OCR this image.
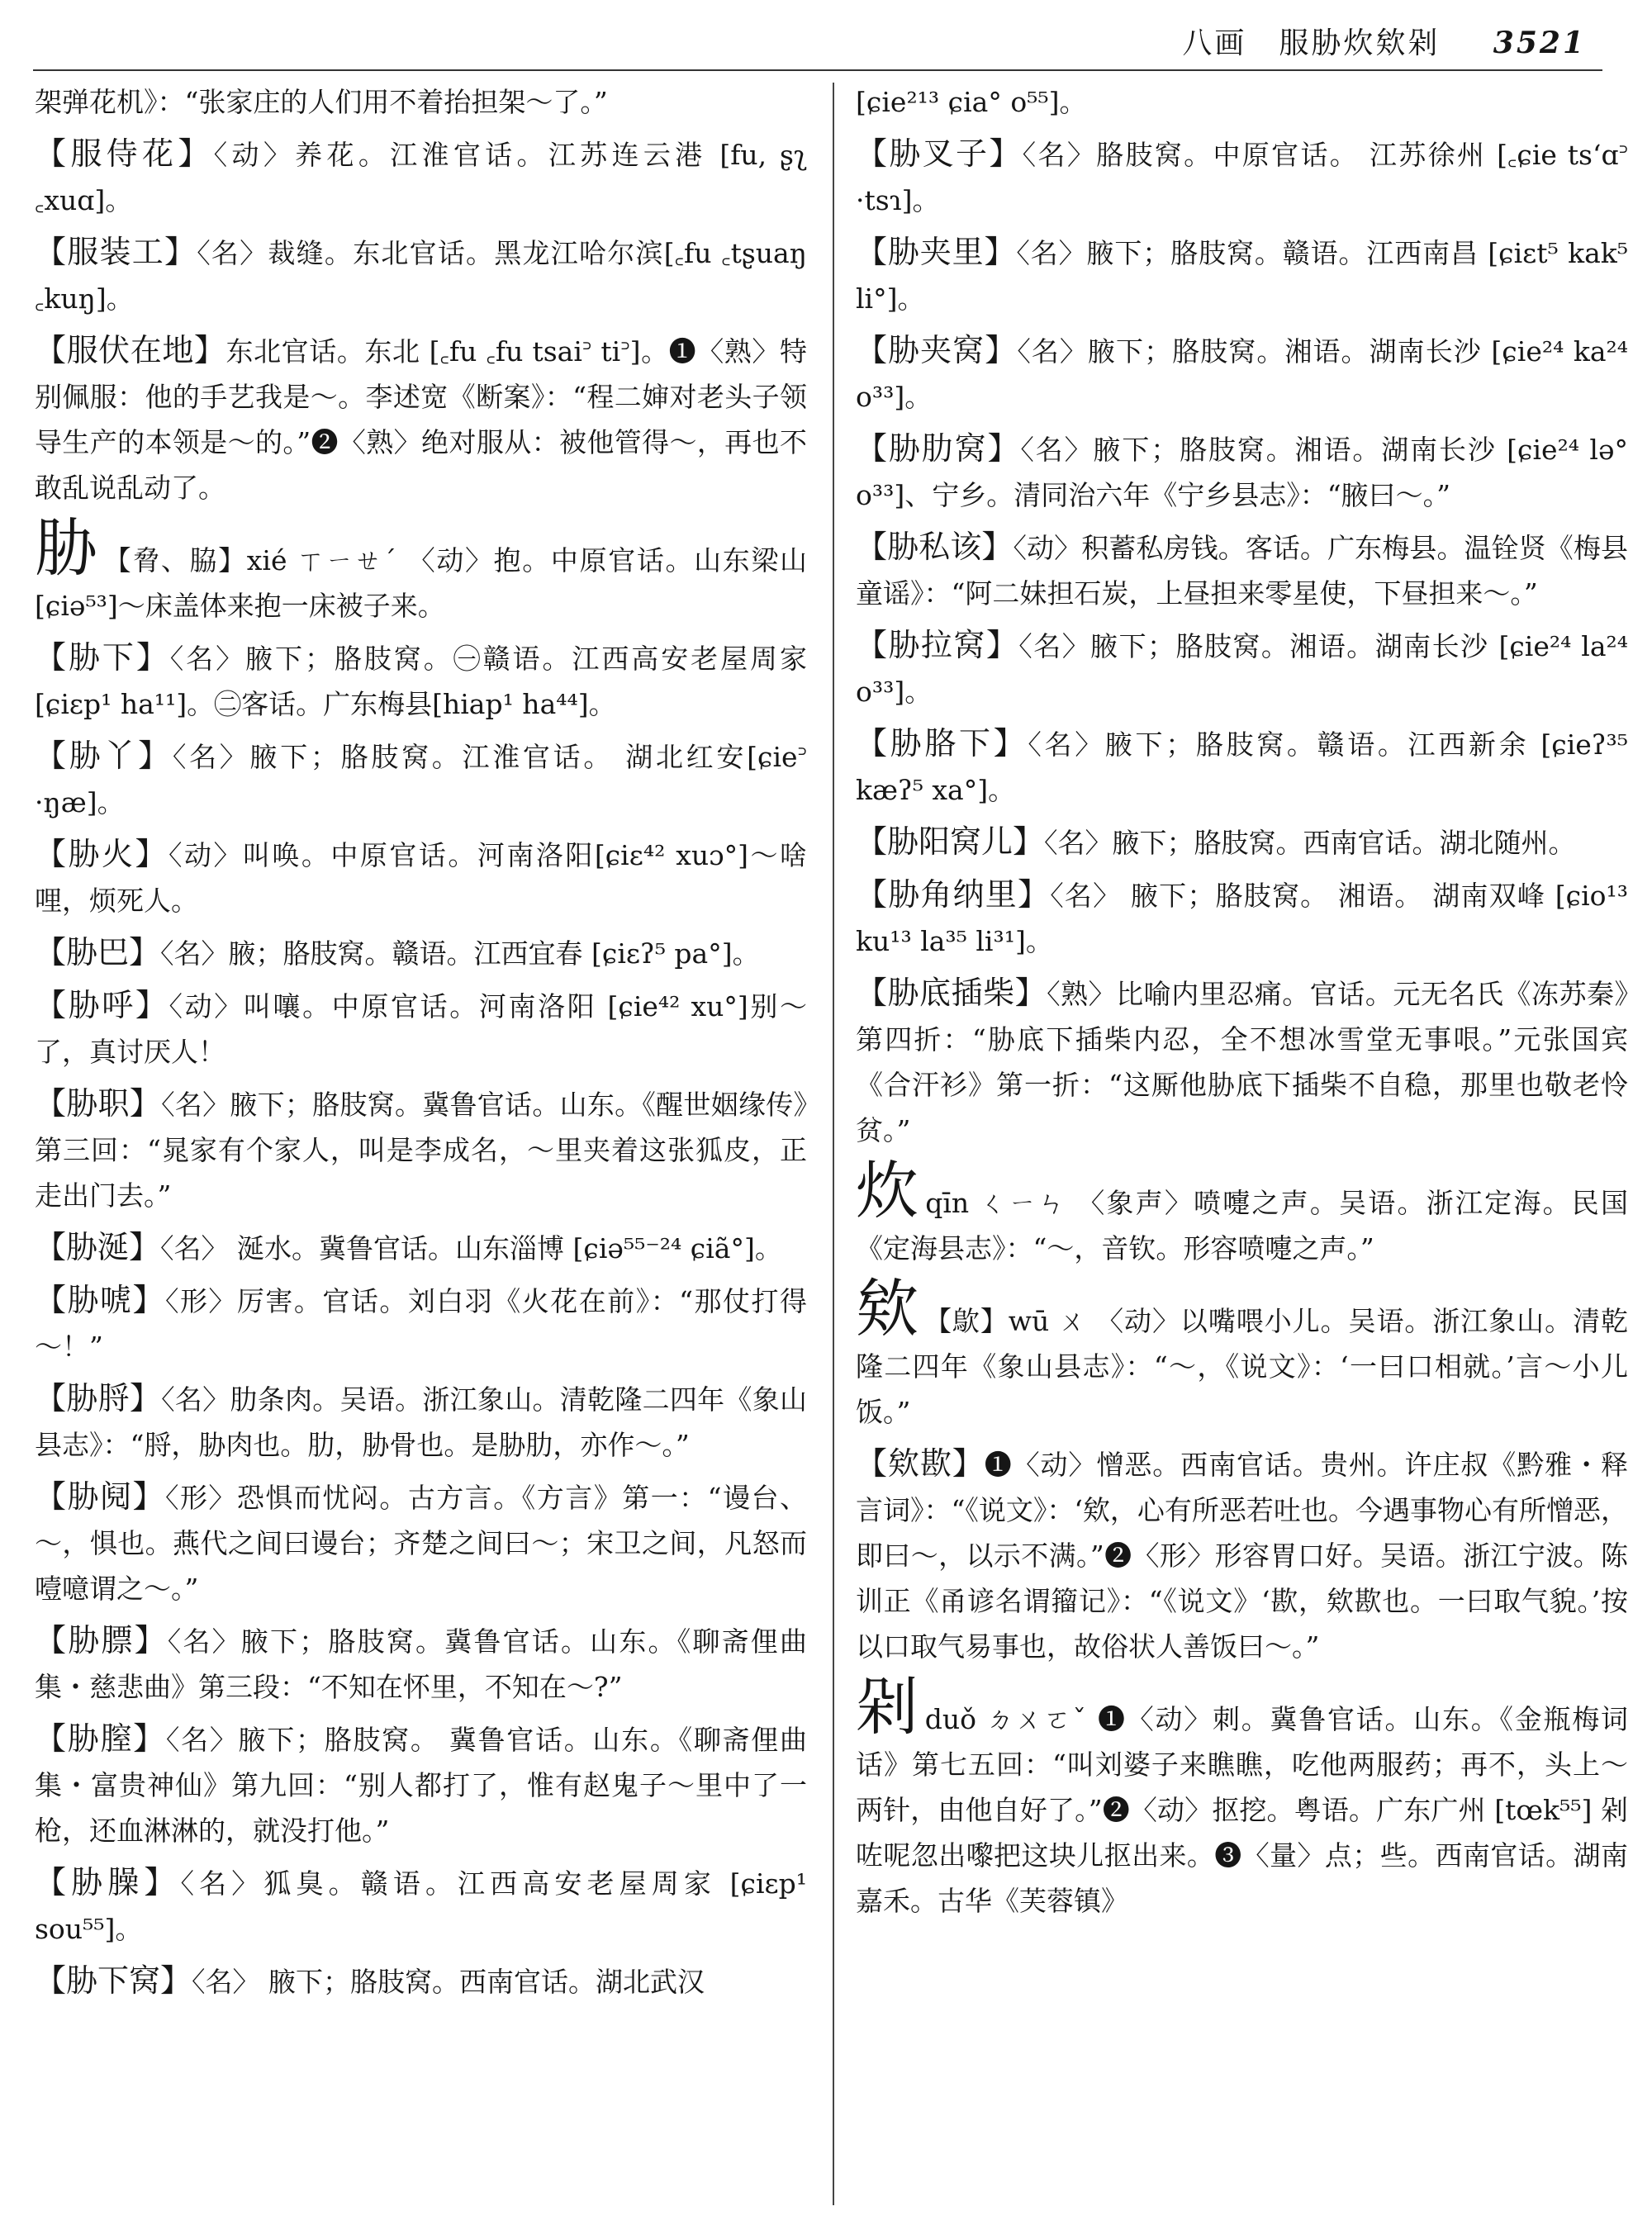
八画　服胁炊欸剁 3521
架弹花机》：“张家庄的人们用不着抬担架～了。”
【服侍花】〈动〉养花。江淮官话。江苏连云港 [fu, ʂʅ ꜀xuɑ]。
【服装工】〈名〉裁缝。东北官话。黑龙江哈尔滨[꜀fu ꜀tʂuaŋ ꜀kuŋ]。
【服伏在地】东北官话。东北 [꜀fu ꜀fu tsai꜄ ti꜄]。❶〈熟〉特别佩服：他的手艺我是～。李述宽《断案》：“程二婶对老头子领导生产的本领是～的。”❷〈熟〉绝对服从：被他管得～，再也不敢乱说乱动了。
胁 【脅、脇】xié ㄒㄧㄝˊ 〈动〉抱。中原官话。山东梁山[ɕiə⁵³]～床盖体来抱一床被子来。
【胁下】〈名〉腋下；胳肢窝。㊀赣语。江西高安老屋周家[ɕiɛp¹ ha¹¹]。㊁客话。广东梅县[hiap¹ ha⁴⁴]。
【胁丫】〈名〉腋下；胳肢窝。江淮官话。 湖北红安[ɕie꜄ ·ŋæ]。
【胁火】〈动〉叫唤。中原官话。河南洛阳[ɕiɛ⁴² xuɔ°]～啥哩，烦死人。
【胁巴】〈名〉腋；胳肢窝。赣语。江西宜春 [ɕiɛʔ⁵ pa°]。
【胁呼】〈动〉叫嚷。中原官话。河南洛阳 [ɕie⁴² xu°]别～了，真讨厌人！
【胁职】〈名〉腋下；胳肢窝。冀鲁官话。山东。《醒世姻缘传》第三回：“晁家有个家人，叫是李成名，～里夹着这张狐皮，正走出门去。”
【胁涎】〈名〉 涎水。冀鲁官话。山东淄博 [ɕiə⁵⁵⁻²⁴ ɕiã°]。
【胁唬】〈形〉厉害。官话。刘白羽《火花在前》：“那仗打得～！”
【胁脟】〈名〉肋条肉。吴语。浙江象山。清乾隆二四年《象山县志》：“脟，胁肉也。肋，胁骨也。是胁肋，亦作～。”
【胁阋】〈形〉恐惧而忧闷。古方言。《方言》第一：“谩台、～，惧也。燕代之间曰谩台；齐楚之间曰～；宋卫之间，凡怒而噎噫谓之～。”
【胁膘】〈名〉腋下；胳肢窝。冀鲁官话。山东。《聊斋俚曲集・慈悲曲》第三段：“不知在怀里，不知在～?”
【胁膣】〈名〉腋下；胳肢窝。 冀鲁官话。山东。《聊斋俚曲集・富贵神仙》第九回：“别人都打了，惟有赵鬼子～里中了一枪，还血淋淋的，就没打他。”
【胁臊】〈名〉狐臭。赣语。江西高安老屋周家 [ɕiɛp¹ sou⁵⁵]。
【胁下窝】〈名〉 腋下；胳肢窝。西南官话。湖北武汉
[ɕie²¹³ ɕia° o⁵⁵]。
【胁叉子】〈名〉胳肢窝。中原官话。 江苏徐州 [꜀ɕie tsʻɑ꜄ ·tsɿ]。
【胁夹里】〈名〉腋下；胳肢窝。赣语。江西南昌 [ɕiɛt⁵ kak⁵ li°]。
【胁夹窝】〈名〉腋下；胳肢窝。湘语。湖南长沙 [ɕie²⁴ ka²⁴ o³³]。
【胁肋窝】〈名〉腋下；胳肢窝。湘语。湖南长沙 [ɕie²⁴ lə° o³³]、宁乡。清同治六年《宁乡县志》：“腋曰～。”
【胁私该】〈动〉积蓄私房钱。客话。广东梅县。温铨贤《梅县童谣》：“阿二妹担石炭，上昼担来零星使，下昼担来～。”
【胁拉窝】〈名〉腋下；胳肢窝。湘语。湖南长沙 [ɕie²⁴ la²⁴ o³³]。
【胁胳下】〈名〉腋下；胳肢窝。赣语。江西新余 [ɕieʔ³⁵ kæʔ⁵ xa°]。
【胁阳窝儿】〈名〉腋下；胳肢窝。西南官话。湖北随州。
【胁角纳里】〈名〉 腋下；胳肢窝。 湘语。 湖南双峰 [ɕio¹³ ku¹³ la³⁵ li³¹]。
【胁底插柴】〈熟〉比喻内里忍痛。官话。元无名氏《冻苏秦》第四折：“胁底下插柴内忍，全不想冰雪堂无事哏。”元张国宾《合汗衫》第一折：“这厮他胁底下插柴不自稳，那里也敬老怜贫。”
炊qīn ㄑㄧㄣ 〈象声〉喷嚏之声。吴语。浙江定海。民国《定海县志》：“～，音钦。形容喷嚏之声。”
欸 【歍】wū ㄨ 〈动〉以嘴喂小儿。吴语。浙江象山。清乾隆二四年《象山县志》：“～，《说文》：‘一曰口相就。’言～小儿饭。”
【欸歁】❶〈动〉憎恶。西南官话。贵州。许庄叔《黔雅・释言词》：“《说文》：‘欸，心有所恶若吐也。今遇事物心有所憎恶，即曰～，以示不满。”❷〈形〉形容胃口好。吴语。浙江宁波。陈训正《甬谚名谓籀记》：“《说文》‘歁，欸歁也。一曰取气貌。’按以口取气易事也，故俗状人善饭曰～。”
剁duǒ ㄉㄨㄛˇ ❶〈动〉刺。冀鲁官话。山东。《金瓶梅词话》第七五回：“叫刘婆子来瞧瞧，吃他两服药；再不，头上～两针，由他自好了。”❷〈动〉抠挖。粤语。广东广州 [tœk⁵⁵] 剁咗呢忽出嚟把这块儿抠出来。❸〈量〉点；些。西南官话。湖南嘉禾。古华《芙蓉镇》
